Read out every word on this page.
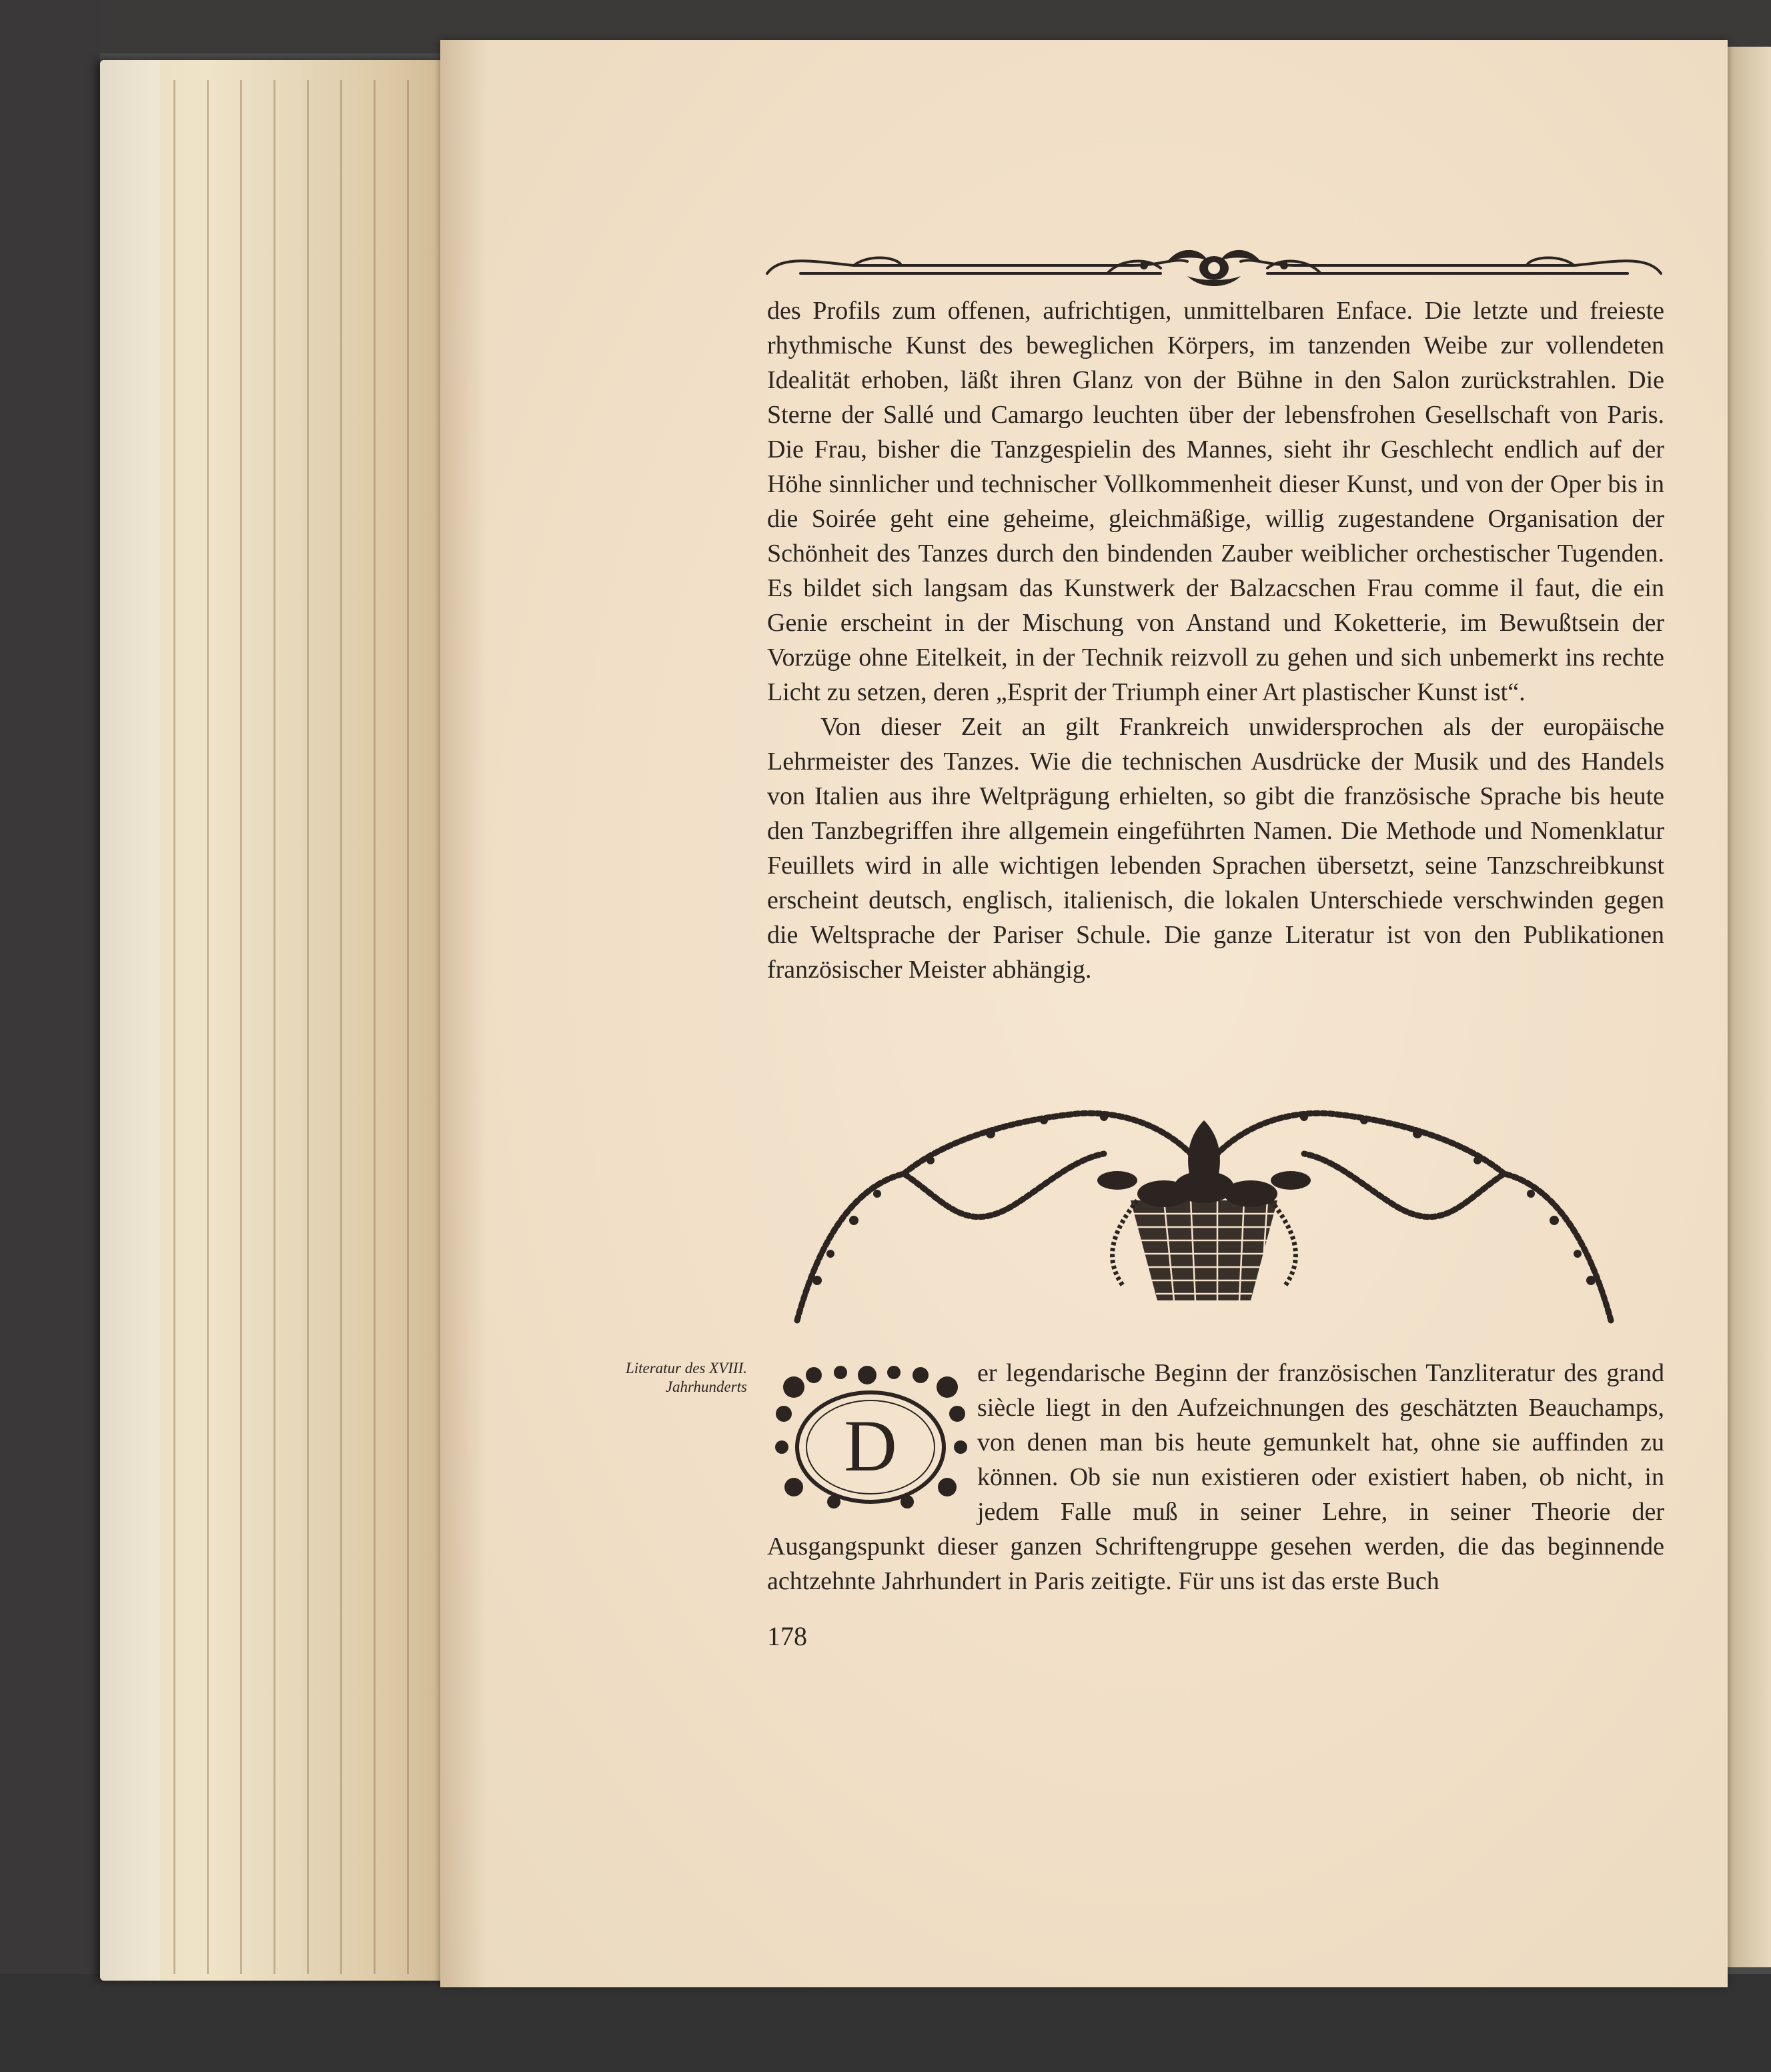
des Profils zum offenen, aufrichtigen, unmittelbaren Enface. Die letzte und freieste rhythmische Kunst des beweglichen Körpers, im tanzenden Weibe zur vollendeten Idealität erhoben, läßt ihren Glanz von der Bühne in den Salon zurückstrahlen. Die Sterne der Sallé und Camargo leuchten über der lebensfrohen Gesellschaft von Paris. Die Frau, bisher die Tanzgespielin des Mannes, sieht ihr Geschlecht endlich auf der Höhe sinnlicher und technischer Vollkommenheit dieser Kunst, und von der Oper bis in die Soirée geht eine geheime, gleichmäßige, willig zugestandene Organisation der Schönheit des Tanzes durch den bindenden Zauber weiblicher orchestischer Tugenden. Es bildet sich langsam das Kunstwerk der Balzacschen Frau comme il faut, die ein Genie erscheint in der Mischung von Anstand und Koketterie, im Bewußtsein der Vorzüge ohne Eitelkeit, in der Technik reizvoll zu gehen und sich unbemerkt ins rechte Licht zu setzen, deren „Esprit der Triumph einer Art plastischer Kunst ist“.

Von dieser Zeit an gilt Frankreich unwidersprochen als der europäische Lehrmeister des Tanzes. Wie die technischen Ausdrücke der Musik und des Handels von Italien aus ihre Weltprägung erhielten, so gibt die französische Sprache bis heute den Tanzbegriffen ihre allgemein eingeführten Namen. Die Methode und Nomenklatur Feuillets wird in alle wichtigen lebenden Sprachen übersetzt, seine Tanzschreibkunst erscheint deutsch, englisch, italienisch, die lokalen Unterschiede verschwinden gegen die Weltsprache der Pariser Schule. Die ganze Literatur ist von den Publikationen französischer Meister abhängig.

D
er legendarische Beginn der französischen Tanzliteratur des grand siècle liegt in den Aufzeichnungen des geschätzten Beauchamps, von denen man bis heute gemunkelt hat, ohne sie auffinden zu können. Ob sie nun existieren oder existiert haben, ob nicht, in jedem Falle muß in seiner Lehre, in seiner Theorie der Ausgangspunkt dieser ganzen Schriftengruppe gesehen werden, die das beginnende achtzehnte Jahrhundert in Paris zeitigte. Für uns ist das erste Buch
Literatur des XVIII. Jahrhunderts
178
